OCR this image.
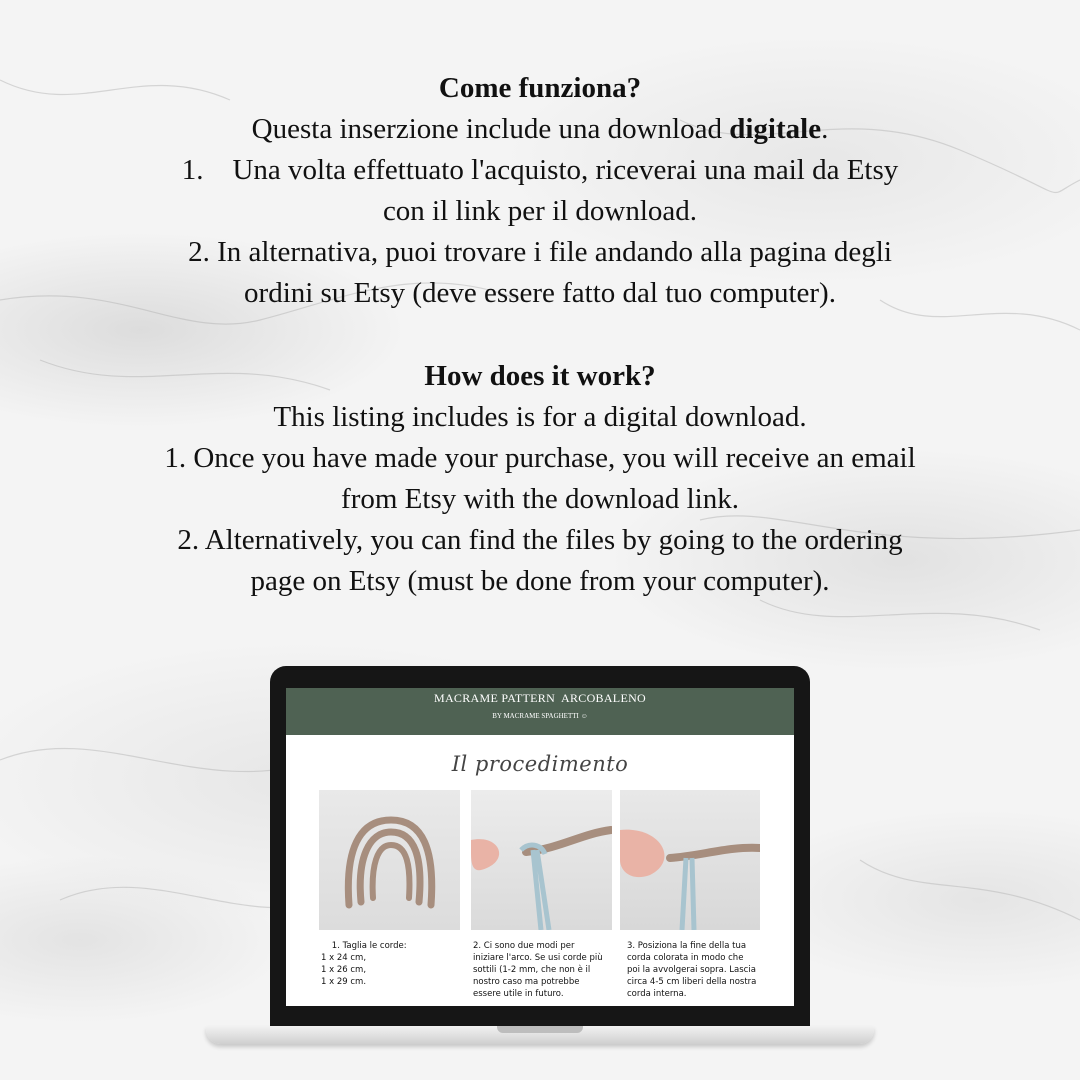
Come funziona?
Questa inserzione include una download digitale.
1.    Una volta effettuato l'acquisto, riceverai una mail da Etsy
con il link per il download.
2. In alternativa, puoi trovare i file andando alla pagina degli
ordini su Etsy (deve essere fatto dal tuo computer).
How does it work?
This listing includes is for a digital download.
1. Once you have made your purchase, you will receive an email
from Etsy with the download link.
2. Alternatively, you can find the files by going to the ordering
page on Etsy (must be done from your computer).
MACRAME PATTERN  ARCOBALENO
BY MACRAME SPAGHETTI ☺
Il procedimento
1. Taglia le corde:
1 x 24 cm,
1 x 26 cm,
1 x 29 cm.
2. Ci sono due modi per
iniziare l'arco. Se usi corde più
sottili (1-2 mm, che non è il
nostro caso ma potrebbe
essere utile in futuro.
3. Posiziona la fine della tua
corda colorata in modo che
poi la avvolgerai sopra. Lascia
circa 4-5 cm liberi della nostra
corda interna.
